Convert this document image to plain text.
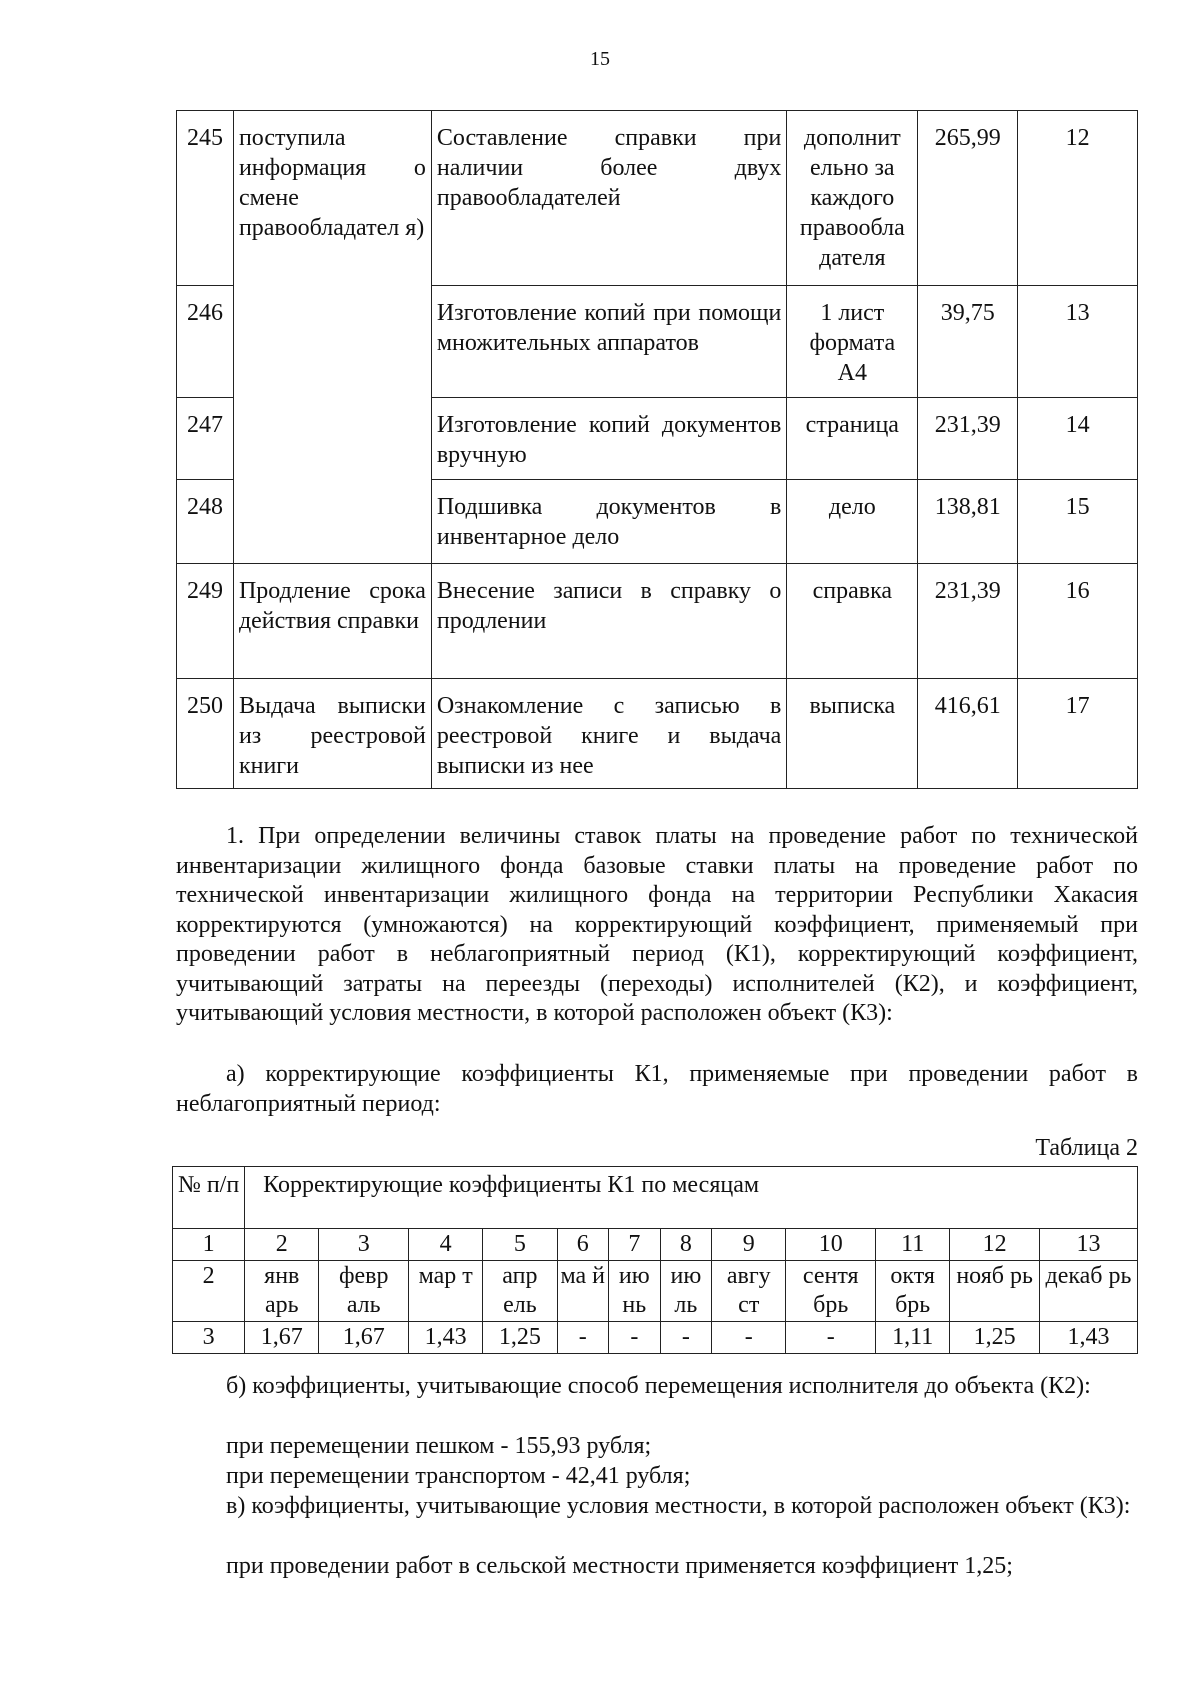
15
245	поступила информация о смене правообладател я)	Составление справки при наличии более двух правообладателей	дополнит ельно за каждого правообла дателя	265,99	12
246		Изготовление копий при помощи множительных аппаратов	1 лист формата А4	39,75	13
247		Изготовление копий документов вручную	страница	231,39	14
248		Подшивка документов в инвентарное дело	дело	138,81	15
249	Продление срока действия справки	Внесение записи в справку о продлении	справка	231,39	16
250	Выдача выписки из реестровой книги	Ознакомление с записью в реестровой книге и выдача выписки из нее	выписка	416,61	17

1. При определении величины ставок платы на проведение работ по технической инвентаризации жилищного фонда базовые ставки платы на проведение работ по технической инвентаризации жилищного фонда на территории Республики Хакасия корректируются (умножаются) на корректирующий коэффициент, применяемый при проведении работ в неблагоприятный период (К1), корректирующий коэффициент, учитывающий затраты на переезды (переходы) исполнителей (К2), и коэффициент, учитывающий условия местности, в которой расположен объект (К3):

а) корректирующие коэффициенты К1, применяемые при проведении работ в неблагоприятный период:

Таблица 2
№ п/п	Корректирующие коэффициенты К1 по месяцам											
1	2	3	4	5	6	7	8	9	10	11	12	13
2	янв арь	февр аль	мар т	апр ель	ма й	ию нь	ию ль	авгу ст	сентя брь	октя брь	нояб рь	декаб рь
3	1,67	1,67	1,43	1,25	-	-	-	-	-	1,11	1,25	1,43

б) коэффициенты, учитывающие способ перемещения исполнителя до объекта (К2):

при перемещении пешком - 155,93 рубля;

при перемещении транспортом - 42,41 рубля;

в) коэффициенты, учитывающие условия местности, в которой расположен объект (К3):

при проведении работ в сельской местности применяется коэффициент 1,25;
